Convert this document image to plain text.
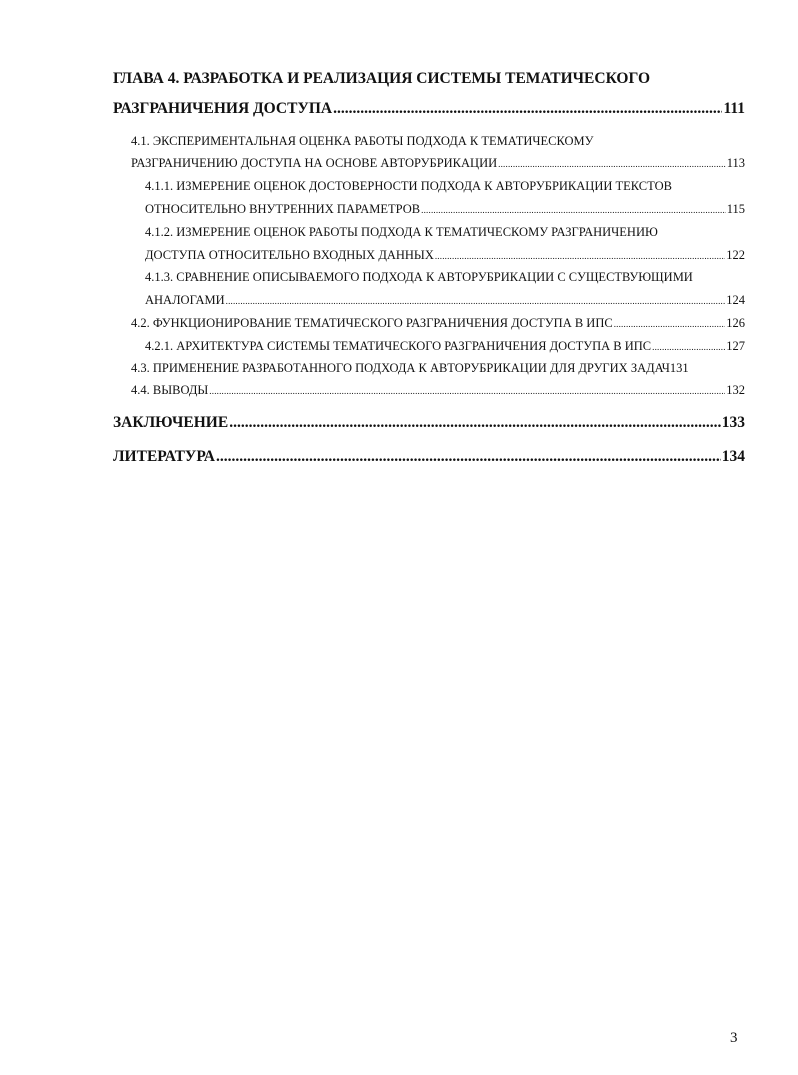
ГЛАВА 4. РАЗРАБОТКА И РЕАЛИЗАЦИЯ СИСТЕМЫ ТЕМАТИЧЕСКОГО
РАЗГРАНИЧЕНИЯ ДОСТУПА .....	111
4.1. ЭКСПЕРИМЕНТАЛЬНАЯ ОЦЕНКА РАБОТЫ ПОДХОДА К ТЕМАТИЧЕСКОМУ
РАЗГРАНИЧЕНИЮ ДОСТУПА НА ОСНОВЕ АВТОРУБРИКАЦИИ .....	113
4.1.1. ИЗМЕРЕНИЕ ОЦЕНОК ДОСТОВЕРНОСТИ ПОДХОДА К АВТОРУБРИКАЦИИ ТЕКСТОВ
ОТНОСИТЕЛЬНО ВНУТРЕННИХ ПАРАМЕТРОВ .....	115
4.1.2. ИЗМЕРЕНИЕ ОЦЕНОК РАБОТЫ ПОДХОДА К ТЕМАТИЧЕСКОМУ РАЗГРАНИЧЕНИЮ
ДОСТУПА ОТНОСИТЕЛЬНО ВХОДНЫХ ДАННЫХ .....	122
4.1.3. СРАВНЕНИЕ ОПИСЫВАЕМОГО ПОДХОДА К АВТОРУБРИКАЦИИ С СУЩЕСТВУЮЩИМИ
АНАЛОГАМИ .....	124
4.2. ФУНКЦИОНИРОВАНИЕ ТЕМАТИЧЕСКОГО РАЗГРАНИЧЕНИЯ ДОСТУПА В ИПС .....	126
4.2.1. АРХИТЕКТУРА СИСТЕМЫ ТЕМАТИЧЕСКОГО РАЗГРАНИЧЕНИЯ ДОСТУПА В ИПС .....	127
4.3. ПРИМЕНЕНИЕ РАЗРАБОТАННОГО ПОДХОДА К АВТОРУБРИКАЦИИ ДЛЯ ДРУГИХ ЗАДАЧ 131
4.4. ВЫВОДЫ .....	132
ЗАКЛЮЧЕНИЕ .....	133
ЛИТЕРАТУРА .....	134
3
